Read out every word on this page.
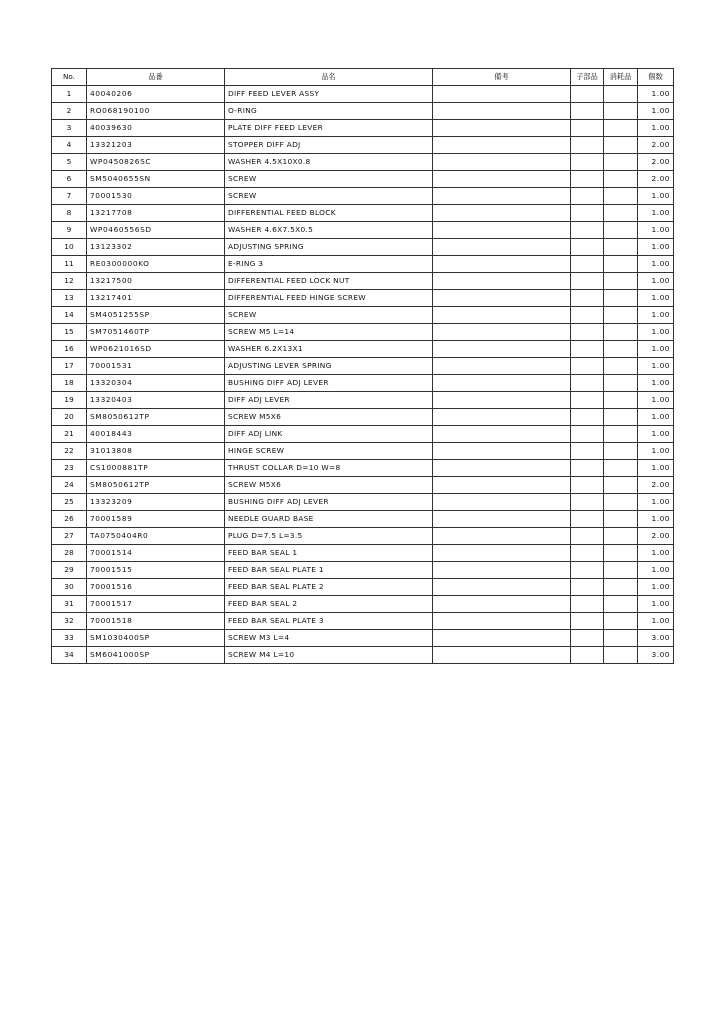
No.	品番	品名	備考	子部品	消耗品	個数
1	40040206	DIFF FEED LEVER ASSY				1.00
2	RO068190100	O-RING				1.00
3	40039630	PLATE DIFF FEED LEVER				1.00
4	13321203	STOPPER DIFF ADJ				2.00
5	WP0450826SC	WASHER 4.5X10X0.8				2.00
6	SM5040655SN	SCREW				2.00
7	70001530	SCREW				1.00
8	13217708	DIFFERENTIAL FEED BLOCK				1.00
9	WP0460556SD	WASHER 4.6X7.5X0.5				1.00
10	13123302	ADJUSTING SPRING				1.00
11	RE0300000KO	E-RING 3				1.00
12	13217500	DIFFERENTIAL FEED LOCK NUT				1.00
13	13217401	DIFFERENTIAL FEED HINGE SCREW				1.00
14	SM4051255SP	SCREW				1.00
15	SM7051460TP	SCREW M5 L=14				1.00
16	WP0621016SD	WASHER 6.2X13X1				1.00
17	70001531	ADJUSTING LEVER SPRING				1.00
18	13320304	BUSHING DIFF ADJ LEVER				1.00
19	13320403	DIFF ADJ LEVER				1.00
20	SM8050612TP	SCREW M5X6				1.00
21	40018443	DIFF ADJ LINK				1.00
22	31013808	HINGE SCREW				1.00
23	CS1000881TP	THRUST COLLAR D=10 W=8				1.00
24	SM8050612TP	SCREW M5X6				2.00
25	13323209	BUSHING DIFF ADJ LEVER				1.00
26	70001589	NEEDLE GUARD BASE				1.00
27	TA0750404R0	PLUG D=7.5 L=3.5				2.00
28	70001514	FEED BAR SEAL 1				1.00
29	70001515	FEED BAR SEAL PLATE 1				1.00
30	70001516	FEED BAR SEAL PLATE 2				1.00
31	70001517	FEED BAR SEAL 2				1.00
32	70001518	FEED BAR SEAL PLATE 3				1.00
33	SM1030400SP	SCREW M3 L=4				3.00
34	SM6041000SP	SCREW M4 L=10				3.00
